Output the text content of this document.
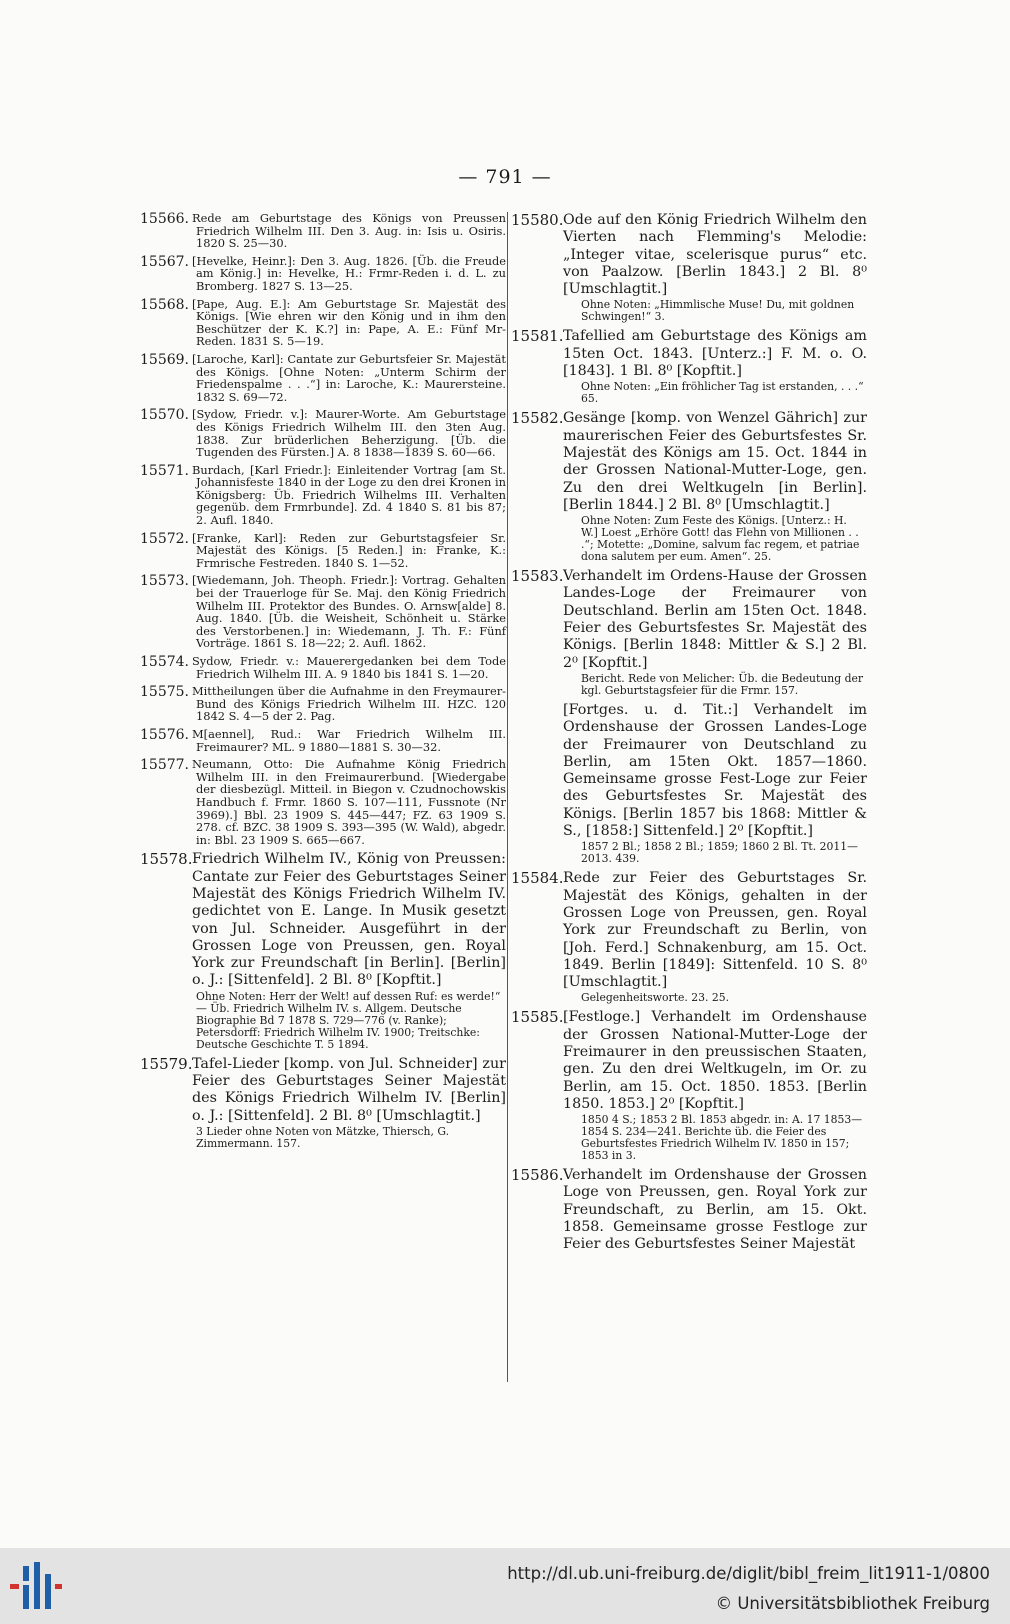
— 791 —
15566. Rede am Geburtstage des Königs von Preussen Friedrich Wilhelm III. Den 3. Aug. in: Isis u. Osiris. 1820 S. 25—30.
15567. [Hevelke, Heinr.]: Den 3. Aug. 1826. [Üb. die Freude am König.] in: Hevelke, H.: Frmr-Reden i. d. L. zu Bromberg. 1827 S. 13—25.
15568. [Pape, Aug. E.]: Am Geburtstage Sr. Majestät des Königs. [Wie ehren wir den König und in ihm den Beschützer der K. K.?] in: Pape, A. E.: Fünf Mr-Reden. 1831 S. 5—19.
15569. [Laroche, Karl]: Cantate zur Geburtsfeier Sr. Majestät des Königs. [Ohne Noten: „Unterm Schirm der Friedenspalme . . .“] in: Laroche, K.: Maurersteine. 1832 S. 69—72.
15570. [Sydow, Friedr. v.]: Maurer-Worte. Am Geburtstage des Königs Friedrich Wilhelm III. den 3ten Aug. 1838. Zur brüderlichen Beherzigung. [Üb. die Tugenden des Fürsten.] A. 8 1838—1839 S. 60—66.
15571. Burdach, [Karl Friedr.]: Einleitender Vortrag [am St. Johannisfeste 1840 in der Loge zu den drei Kronen in Königsberg: Üb. Friedrich Wilhelms III. Verhalten gegenüb. dem Frmrbunde]. Zd. 4 1840 S. 81 bis 87; 2. Aufl. 1840.
15572. [Franke, Karl]: Reden zur Geburtstagsfeier Sr. Majestät des Königs. [5 Reden.] in: Franke, K.: Frmrische Festreden. 1840 S. 1—52.
15573. [Wiedemann, Joh. Theoph. Friedr.]: Vortrag. Gehalten bei der Trauerloge für Se. Maj. den König Friedrich Wilhelm III. Protektor des Bundes. O. Arnsw[alde] 8. Aug. 1840. [Üb. die Weisheit, Schönheit u. Stärke des Verstorbenen.] in: Wiedemann, J. Th. F.: Fünf Vorträge. 1861 S. 18—22; 2. Aufl. 1862.
15574. Sydow, Friedr. v.: Mauerergedanken bei dem Tode Friedrich Wilhelm III. A. 9 1840 bis 1841 S. 1—20.
15575. Mittheilungen über die Aufnahme in den Freymaurer-Bund des Königs Friedrich Wilhelm III. HZC. 120 1842 S. 4—5 der 2. Pag.
15576. M[aennel], Rud.: War Friedrich Wilhelm III. Freimaurer? ML. 9 1880—1881 S. 30—32.
15577. Neumann, Otto: Die Aufnahme König Friedrich Wilhelm III. in den Freimaurerbund. [Wiedergabe der diesbezügl. Mitteil. in Biegon v. Czudnochowskis Handbuch f. Frmr. 1860 S. 107—111, Fussnote (Nr 3969).] Bbl. 23 1909 S. 445—447; FZ. 63 1909 S. 278. cf. BZC. 38 1909 S. 393—395 (W. Wald), abgedr. in: Bbl. 23 1909 S. 665—667.
15578. Friedrich Wilhelm IV., König von Preussen: Cantate zur Feier des Geburtstages Seiner Majestät des Königs Friedrich Wilhelm IV. gedichtet von E. Lange. In Musik gesetzt von Jul. Schneider. Ausgeführt in der Grossen Loge von Preussen, gen. Royal York zur Freundschaft [in Berlin]. [Berlin] o. J.: [Sittenfeld]. 2 Bl. 8⁰ [Kopftit.]
Ohne Noten: Herr der Welt! auf dessen Ruf: es werde!“ — Üb. Friedrich Wilhelm IV. s. Allgem. Deutsche Biographie Bd 7 1878 S. 729—776 (v. Ranke); Petersdorff: Friedrich Wilhelm IV. 1900; Treitschke: Deutsche Geschichte T. 5 1894.
15579. Tafel-Lieder [komp. von Jul. Schneider] zur Feier des Geburtstages Seiner Majestät des Königs Friedrich Wilhelm IV. [Berlin] o. J.: [Sittenfeld]. 2 Bl. 8⁰ [Umschlagtit.]
3 Lieder ohne Noten von Mätzke, Thiersch, G. Zimmermann. 157.
15580. Ode auf den König Friedrich Wilhelm den Vierten nach Flemming's Melodie: „Integer vitae, scelerisque purus“ etc. von Paalzow. [Berlin 1843.] 2 Bl. 8⁰ [Umschlagtit.]
Ohne Noten: „Himmlische Muse! Du, mit goldnen Schwingen!“ 3.
15581. Tafellied am Geburtstage des Königs am 15ten Oct. 1843. [Unterz.:] F. M. o. O. [1843]. 1 Bl. 8⁰ [Kopftit.]
Ohne Noten: „Ein fröhlicher Tag ist erstanden, . . .“ 65.
15582. Gesänge [komp. von Wenzel Gährich] zur maurerischen Feier des Geburtsfestes Sr. Majestät des Königs am 15. Oct. 1844 in der Grossen National-Mutter-Loge, gen. Zu den drei Weltkugeln [in Berlin]. [Berlin 1844.] 2 Bl. 8⁰ [Umschlagtit.]
Ohne Noten: Zum Feste des Königs. [Unterz.: H. W.] Loest „Erhöre Gott! das Flehn von Millionen . . .“; Motette: „Domine, salvum fac regem, et patriae dona salutem per eum. Amen“. 25.
15583. Verhandelt im Ordens-Hause der Grossen Landes-Loge der Freimaurer von Deutschland. Berlin am 15ten Oct. 1848. Feier des Geburtsfestes Sr. Majestät des Königs. [Berlin 1848: Mittler & S.] 2 Bl. 2⁰ [Kopftit.]
Bericht. Rede von Melicher: Üb. die Bedeutung der kgl. Geburtstagsfeier für die Frmr. 157.
[Fortges. u. d. Tit.:] Verhandelt im Ordenshause der Grossen Landes-Loge der Freimaurer von Deutschland zu Berlin, am 15ten Okt. 1857—1860. Gemeinsame grosse Fest-Loge zur Feier des Geburtsfestes Sr. Majestät des Königs. [Berlin 1857 bis 1868: Mittler & S., [1858:] Sittenfeld.] 2⁰ [Kopftit.]
1857 2 Bl.; 1858 2 Bl.; 1859; 1860 2 Bl. Tt. 2011—2013. 439.
15584. Rede zur Feier des Geburtstages Sr. Majestät des Königs, gehalten in der Grossen Loge von Preussen, gen. Royal York zur Freundschaft zu Berlin, von [Joh. Ferd.] Schnakenburg, am 15. Oct. 1849. Berlin [1849]: Sittenfeld. 10 S. 8⁰ [Umschlagtit.]
Gelegenheitsworte. 23. 25.
15585. [Festloge.] Verhandelt im Ordenshause der Grossen National-Mutter-Loge der Freimaurer in den preussischen Staaten, gen. Zu den drei Weltkugeln, im Or. zu Berlin, am 15. Oct. 1850. 1853. [Berlin 1850. 1853.] 2⁰ [Kopftit.]
1850 4 S.; 1853 2 Bl. 1853 abgedr. in: A. 17 1853—1854 S. 234—241. Berichte üb. die Feier des Geburtsfestes Friedrich Wilhelm IV. 1850 in 157; 1853 in 3.
15586. Verhandelt im Ordenshause der Grossen Loge von Preussen, gen. Royal York zur Freundschaft, zu Berlin, am 15. Okt. 1858. Gemeinsame grosse Festloge zur Feier des Geburtsfestes Seiner Majestät
http://dl.ub.uni-freiburg.de/diglit/bibl_freim_lit1911-1/0800
© Universitätsbibliothek Freiburg
